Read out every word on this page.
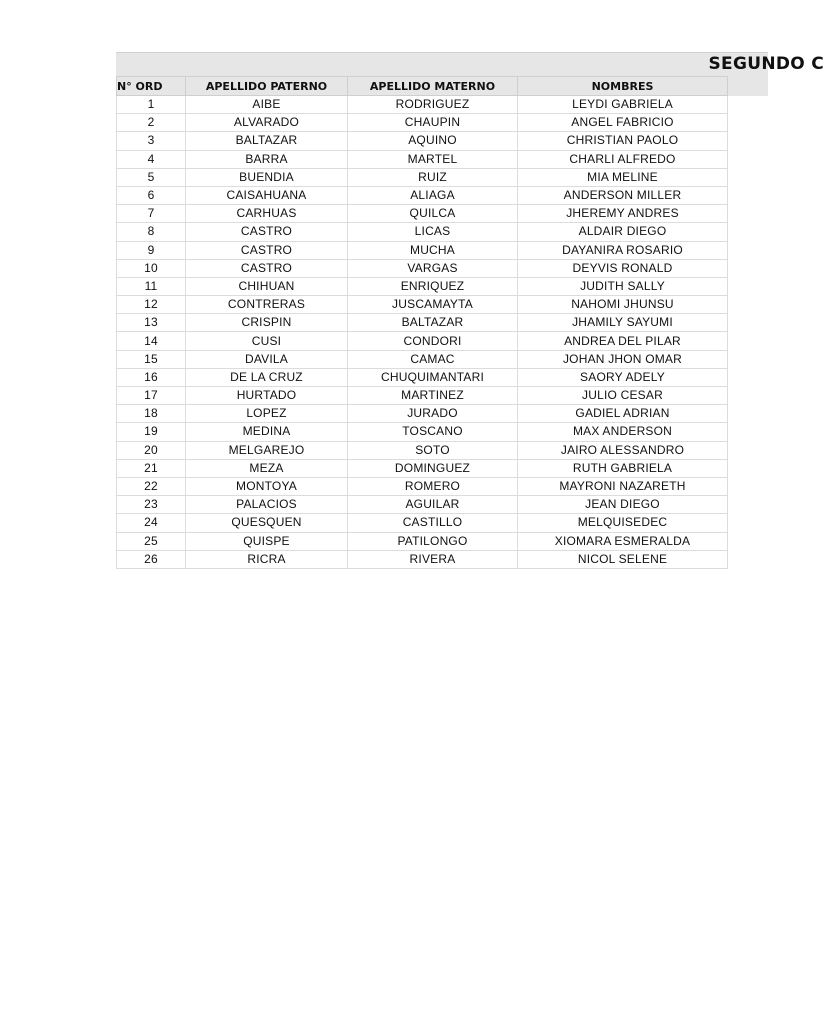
SEGUNDO C
N° ORD	APELLIDO PATERNO	APELLIDO MATERNO	NOMBRES
1	AIBE	RODRIGUEZ	LEYDI GABRIELA
2	ALVARADO	CHAUPIN	ANGEL FABRICIO
3	BALTAZAR	AQUINO	CHRISTIAN PAOLO
4	BARRA	MARTEL	CHARLI ALFREDO
5	BUENDIA	RUIZ	MIA MELINE
6	CAISAHUANA	ALIAGA	ANDERSON MILLER
7	CARHUAS	QUILCA	JHEREMY ANDRES
8	CASTRO	LICAS	ALDAIR DIEGO
9	CASTRO	MUCHA	DAYANIRA ROSARIO
10	CASTRO	VARGAS	DEYVIS RONALD
11	CHIHUAN	ENRIQUEZ	JUDITH SALLY
12	CONTRERAS	JUSCAMAYTA	NAHOMI JHUNSU
13	CRISPIN	BALTAZAR	JHAMILY SAYUMI
14	CUSI	CONDORI	ANDREA DEL PILAR
15	DAVILA	CAMAC	JOHAN JHON OMAR
16	DE LA CRUZ	CHUQUIMANTARI	SAORY ADELY
17	HURTADO	MARTINEZ	JULIO CESAR
18	LOPEZ	JURADO	GADIEL ADRIAN
19	MEDINA	TOSCANO	MAX ANDERSON
20	MELGAREJO	SOTO	JAIRO ALESSANDRO
21	MEZA	DOMINGUEZ	RUTH GABRIELA
22	MONTOYA	ROMERO	MAYRONI NAZARETH
23	PALACIOS	AGUILAR	JEAN DIEGO
24	QUESQUEN	CASTILLO	MELQUISEDEC
25	QUISPE	PATILONGO	XIOMARA ESMERALDA
26	RICRA	RIVERA	NICOL SELENE
